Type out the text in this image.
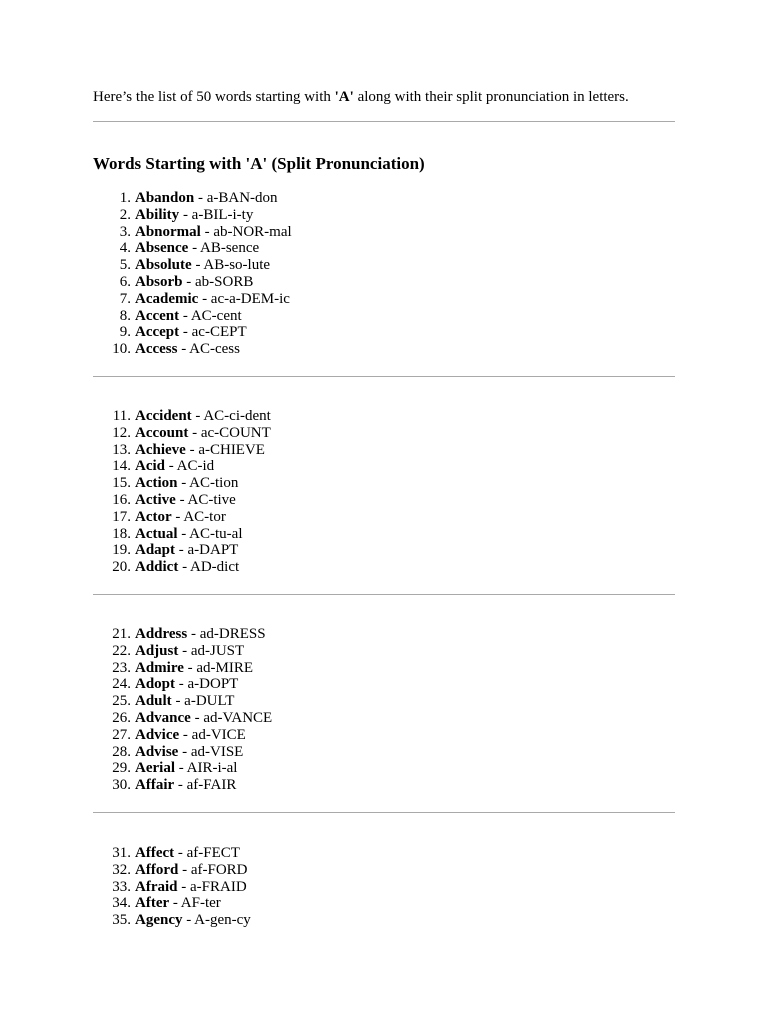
Here’s the list of 50 words starting with 'A' along with their split pronunciation in letters.
Words Starting with 'A' (Split Pronunciation)
1. Abandon - a-BAN-don
2. Ability - a-BIL-i-ty
3. Abnormal - ab-NOR-mal
4. Absence - AB-sence
5. Absolute - AB-so-lute
6. Absorb - ab-SORB
7. Academic - ac-a-DEM-ic
8. Accent - AC-cent
9. Accept - ac-CEPT
10. Access - AC-cess
11. Accident - AC-ci-dent
12. Account - ac-COUNT
13. Achieve - a-CHIEVE
14. Acid - AC-id
15. Action - AC-tion
16. Active - AC-tive
17. Actor - AC-tor
18. Actual - AC-tu-al
19. Adapt - a-DAPT
20. Addict - AD-dict
21. Address - ad-DRESS
22. Adjust - ad-JUST
23. Admire - ad-MIRE
24. Adopt - a-DOPT
25. Adult - a-DULT
26. Advance - ad-VANCE
27. Advice - ad-VICE
28. Advise - ad-VISE
29. Aerial - AIR-i-al
30. Affair - af-FAIR
31. Affect - af-FECT
32. Afford - af-FORD
33. Afraid - a-FRAID
34. After - AF-ter
35. Agency - A-gen-cy
